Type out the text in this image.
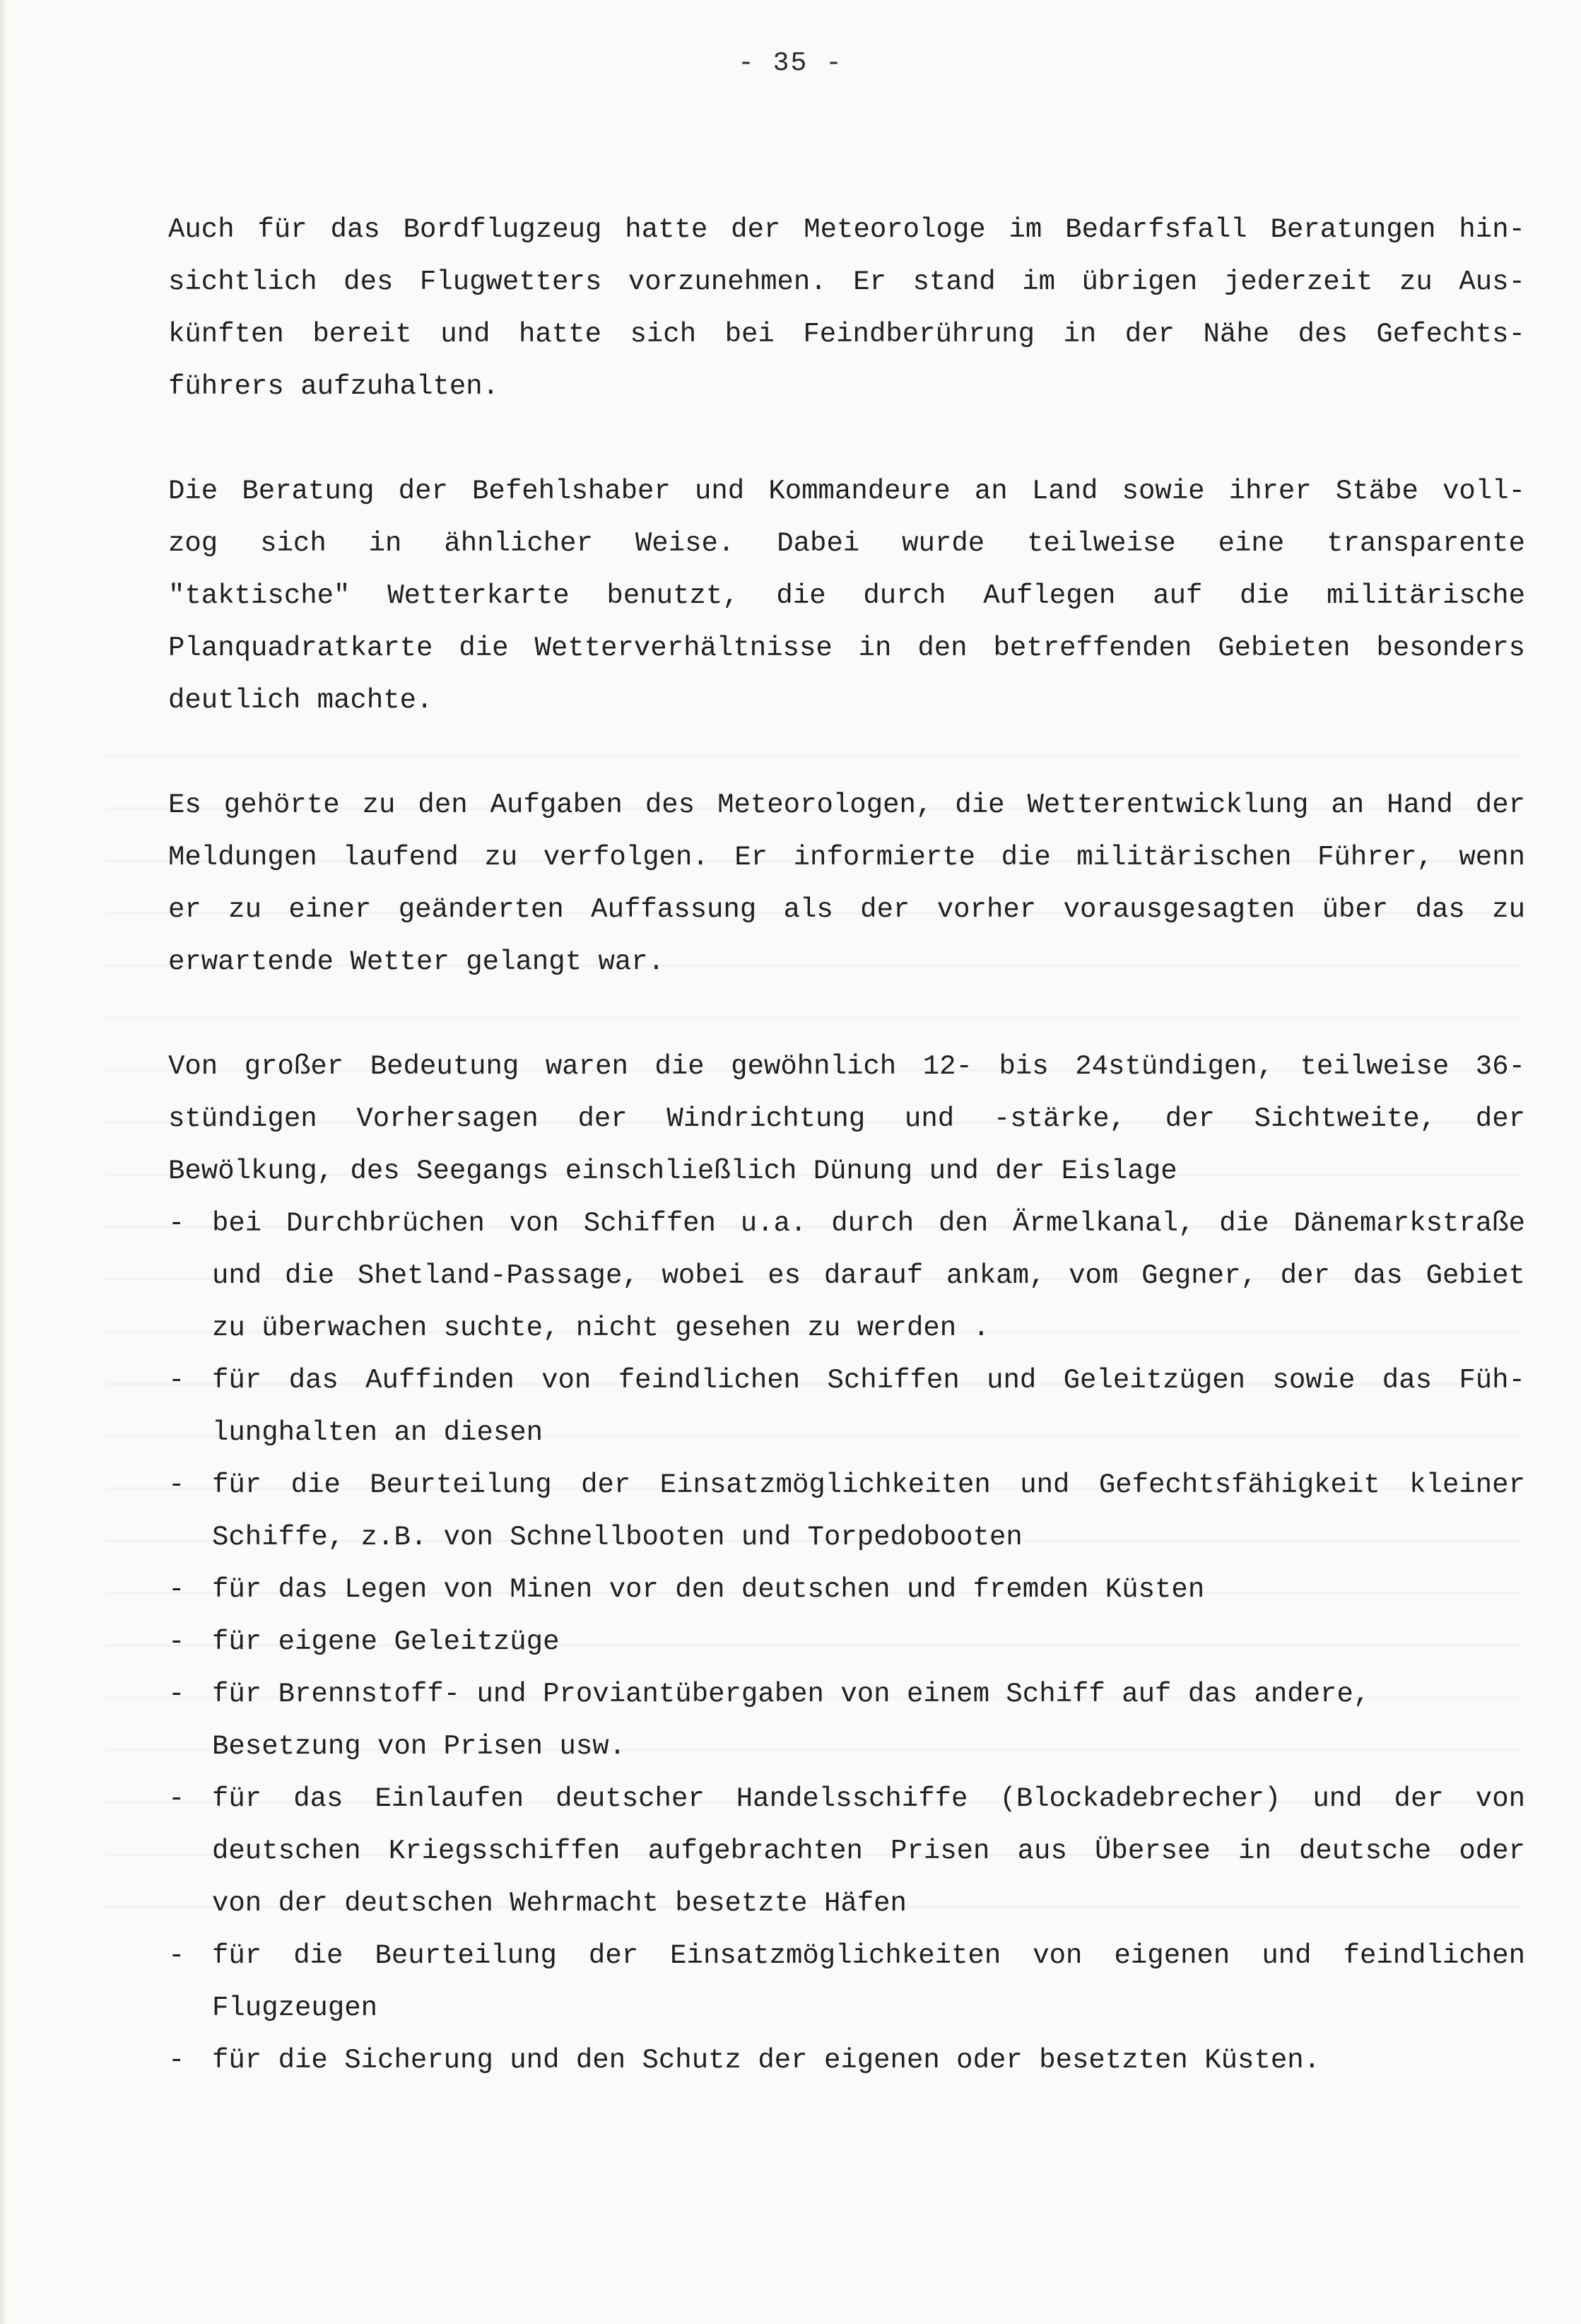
- 35 -
Auch für das Bordflugzeug hatte der Meteorologe im Bedarfsfall Beratungen hin-
sichtlich des Flugwetters vorzunehmen. Er stand im übrigen jederzeit zu Aus-
künften bereit und hatte sich bei Feindberührung in der Nähe des Gefechts-
führers aufzuhalten.
Die Beratung der Befehlshaber und Kommandeure an Land sowie ihrer Stäbe voll-
zog sich in ähnlicher Weise. Dabei wurde teilweise eine transparente
"taktische" Wetterkarte benutzt, die durch Auflegen auf die militärische
Planquadratkarte die Wetterverhältnisse in den betreffenden Gebieten besonders
deutlich machte.
Es gehörte zu den Aufgaben des Meteorologen, die Wetterentwicklung an Hand der
Meldungen laufend zu verfolgen. Er informierte die militärischen Führer, wenn
er zu einer geänderten Auffassung als der vorher vorausgesagten über das zu
erwartende Wetter gelangt war.
Von großer Bedeutung waren die gewöhnlich 12- bis 24stündigen, teilweise 36-
stündigen Vorhersagen der Windrichtung und -stärke, der Sichtweite, der
Bewölkung, des Seegangs einschließlich Dünung und der Eislage
- bei Durchbrüchen von Schiffen u.a. durch den Ärmelkanal, die Dänemarkstraße
und die Shetland-Passage, wobei es darauf ankam, vom Gegner, der das Gebiet
zu überwachen suchte, nicht gesehen zu werden .
- für das Auffinden von feindlichen Schiffen und Geleitzügen sowie das Füh-
lunghalten an diesen
- für die Beurteilung der Einsatzmöglichkeiten und Gefechtsfähigkeit kleiner
Schiffe, z.B. von Schnellbooten und Torpedobooten
- für das Legen von Minen vor den deutschen und fremden Küsten
- für eigene Geleitzüge
- für Brennstoff- und Proviantübergaben von einem Schiff auf das andere,
Besetzung von Prisen usw.
- für das Einlaufen deutscher Handelsschiffe (Blockadebrecher) und der von
deutschen Kriegsschiffen aufgebrachten Prisen aus Übersee in deutsche oder
von der deutschen Wehrmacht besetzte Häfen
- für die Beurteilung der Einsatzmöglichkeiten von eigenen und feindlichen
Flugzeugen
- für die Sicherung und den Schutz der eigenen oder besetzten Küsten.
